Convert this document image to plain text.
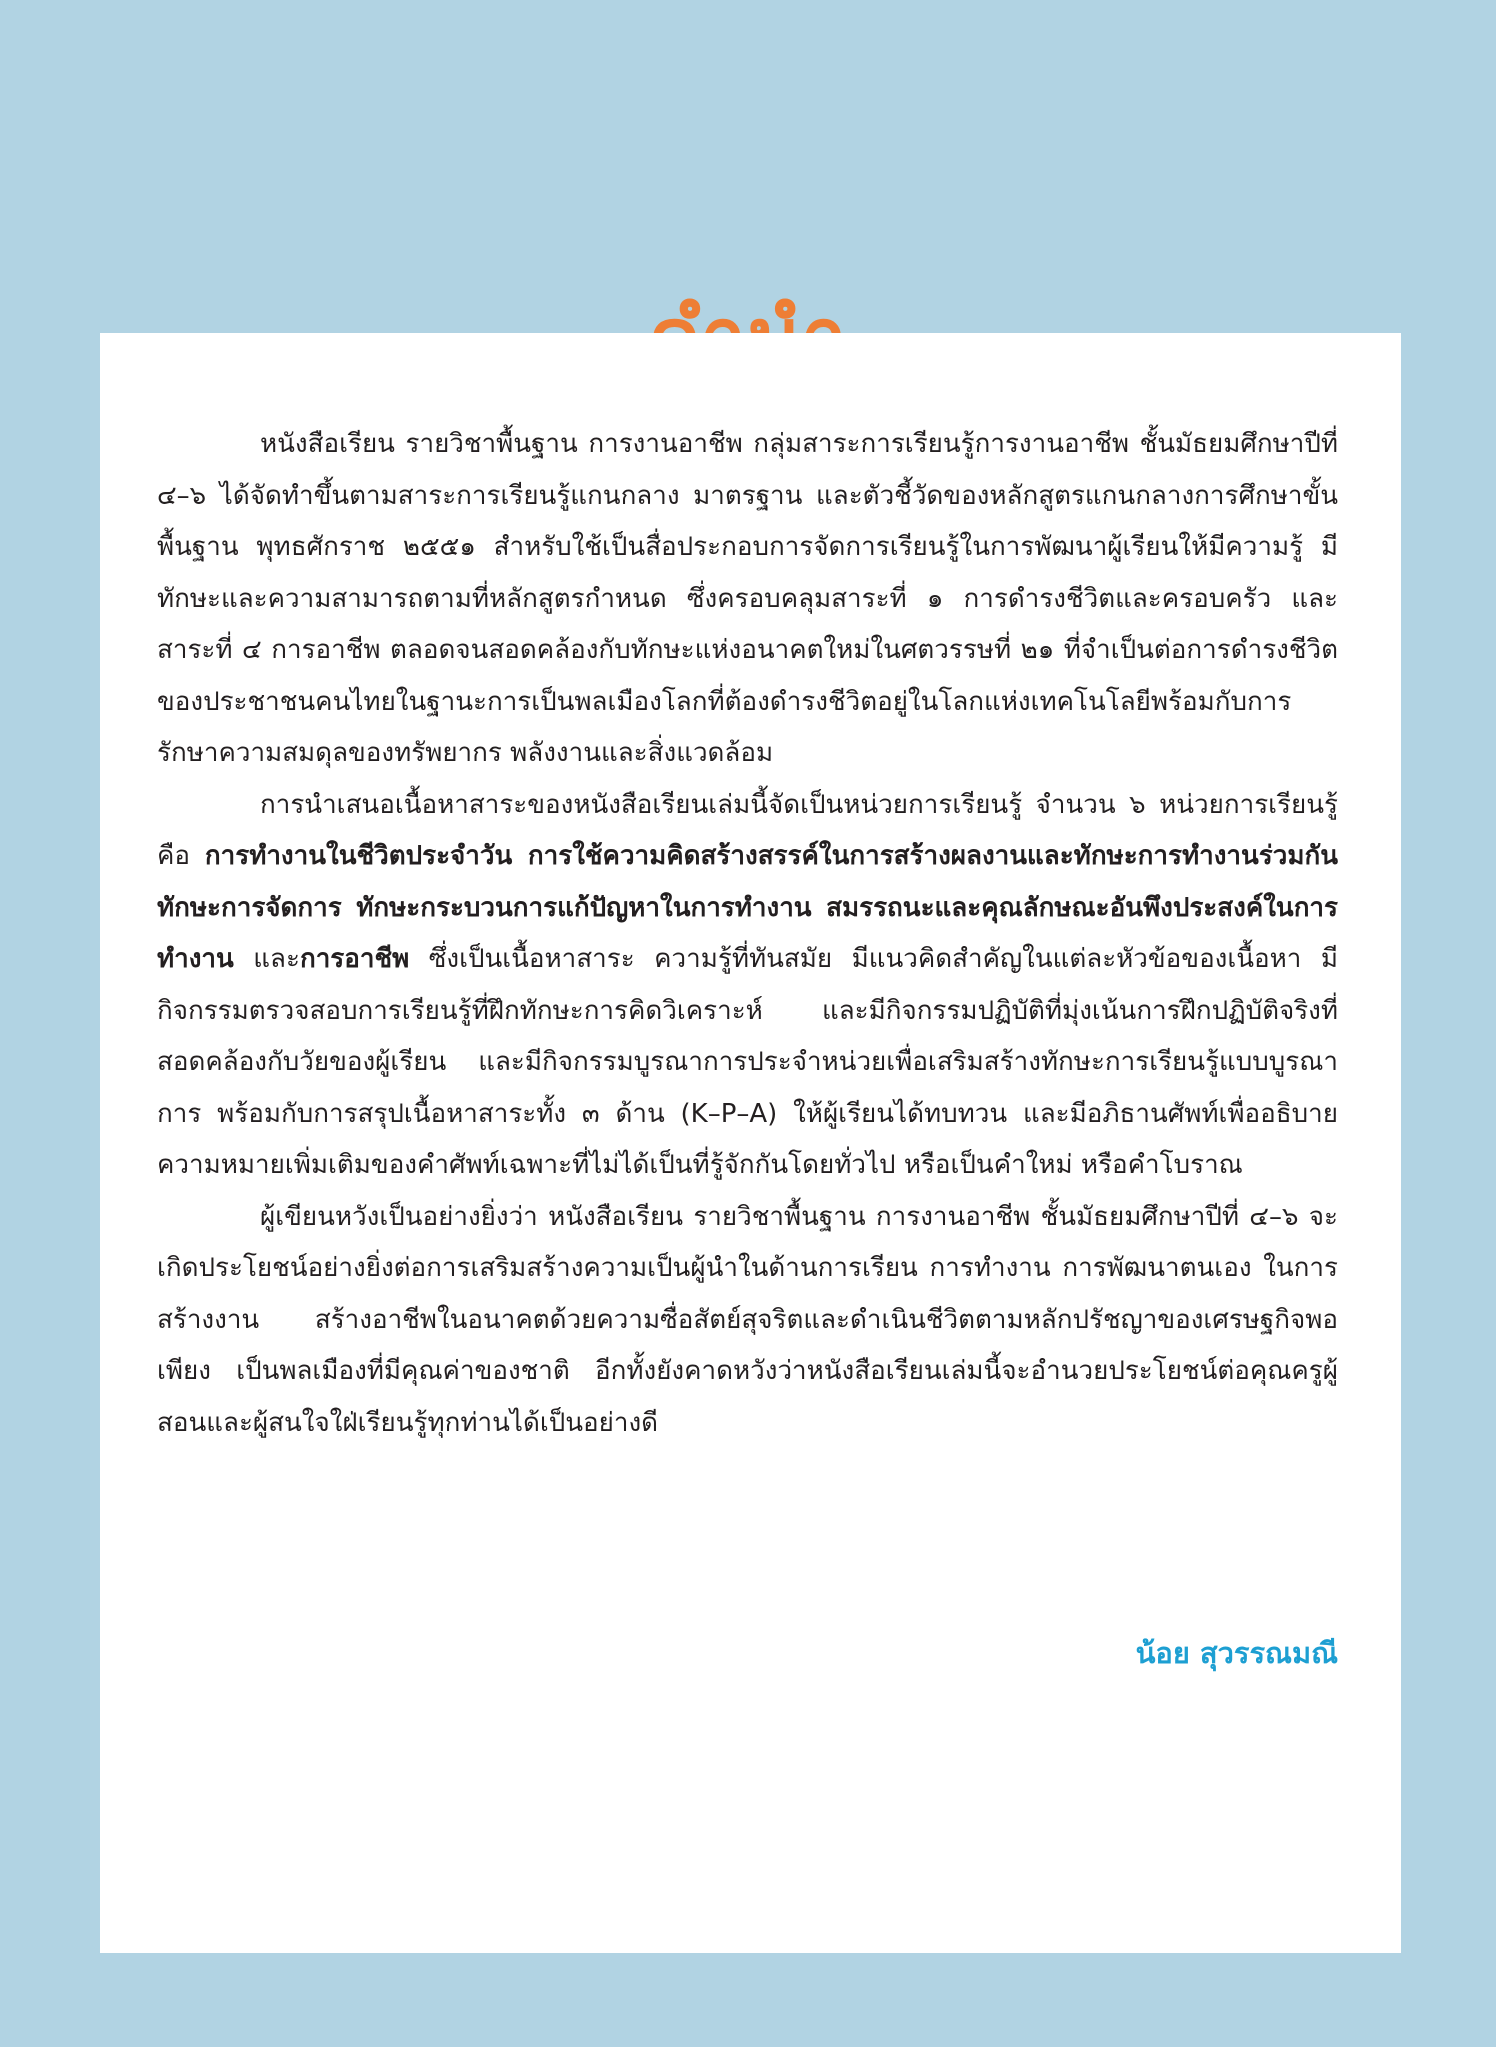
หนังสือเรียน รายวิชาพื้นฐาน การงานอาชีพ กลุ่มสาระการเรียนรู้การงานอาชีพ ชั้นมัธยมศึกษาปีที่ ๔–๖ ได้จัดทำขึ้นตามสาระการเรียนรู้แกนกลาง มาตรฐาน และตัวชี้วัดของหลักสูตรแกนกลางการศึกษาขั้นพื้นฐาน พุทธศักราช ๒๕๕๑ สำหรับใช้เป็นสื่อประกอบการจัดการเรียนรู้ในการพัฒนาผู้เรียนให้มีความรู้ มีทักษะและความสามารถตามที่หลักสูตรกำหนด ซึ่งครอบคลุมสาระที่ ๑ การดำรงชีวิตและครอบครัว และสาระที่ ๔ การอาชีพ ตลอดจนสอดคล้องกับทักษะแห่งอนาคตใหม่ในศตวรรษที่ ๒๑ ที่จำเป็นต่อการดำรงชีวิตของประชาชนคนไทยในฐานะการเป็นพลเมืองโลกที่ต้องดำรงชีวิตอยู่ในโลกแห่งเทคโนโลยีพร้อมกับการรักษาความสมดุลของทรัพยากร พลังงานและสิ่งแวดล้อม

การนำเสนอเนื้อหาสาระของหนังสือเรียนเล่มนี้จัดเป็นหน่วยการเรียนรู้ จำนวน ๖ หน่วยการเรียนรู้ คือ การทำงานในชีวิตประจำวัน การใช้ความคิดสร้างสรรค์ในการสร้างผลงานและทักษะการทำงานร่วมกัน ทักษะการจัดการ ทักษะกระบวนการแก้ปัญหาในการทำงาน สมรรถนะและคุณลักษณะอันพึงประสงค์ในการทำงาน และการอาชีพ ซึ่งเป็นเนื้อหาสาระ ความรู้ที่ทันสมัย มีแนวคิดสำคัญในแต่ละหัวข้อของเนื้อหา มีกิจกรรมตรวจสอบการเรียนรู้ที่ฝึกทักษะการคิดวิเคราะห์ และมีกิจกรรมปฏิบัติที่มุ่งเน้นการฝึกปฏิบัติจริงที่สอดคล้องกับวัยของผู้เรียน และมีกิจกรรมบูรณาการประจำหน่วยเพื่อเสริมสร้างทักษะการเรียนรู้แบบบูรณาการ พร้อมกับการสรุปเนื้อหาสาระทั้ง ๓ ด้าน (K–P–A) ให้ผู้เรียนได้ทบทวน และมีอภิธานศัพท์เพื่ออธิบายความหมายเพิ่มเติมของคำศัพท์เฉพาะที่ไม่ได้เป็นที่รู้จักกันโดยทั่วไป หรือเป็นคำใหม่ หรือคำโบราณ

ผู้เขียนหวังเป็นอย่างยิ่งว่า หนังสือเรียน รายวิชาพื้นฐาน การงานอาชีพ ชั้นมัธยมศึกษาปีที่ ๔–๖ จะเกิดประโยชน์อย่างยิ่งต่อการเสริมสร้างความเป็นผู้นำในด้านการเรียน การทำงาน การพัฒนาตนเอง ในการสร้างงาน สร้างอาชีพในอนาคตด้วยความซื่อสัตย์สุจริตและดำเนินชีวิตตามหลักปรัชญาของเศรษฐกิจพอเพียง เป็นพลเมืองที่มีคุณค่าของชาติ อีกทั้งยังคาดหวังว่าหนังสือเรียนเล่มนี้จะอำนวยประโยชน์ต่อคุณครูผู้สอนและผู้สนใจใฝ่เรียนรู้ทุกท่านได้เป็นอย่างดี

น้อย สุวรรณมณี
